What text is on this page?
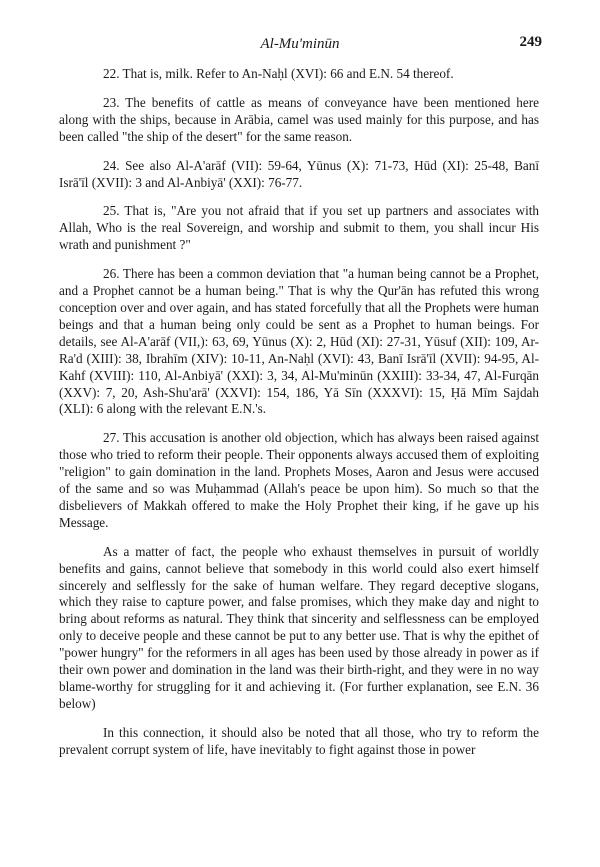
Al-Mu'minūn	249

22. That is, milk. Refer to An-Naḥl (XVI): 66 and E.N. 54 thereof.

23. The benefits of cattle as means of conveyance have been mentioned here along with the ships, because in Arābia, camel was used mainly for this purpose, and has been called "the ship of the desert" for the same reason.

24. See also Al-A'arāf (VII): 59-64, Yūnus (X): 71-73, Hūd (XI): 25-48, Banī Isrā'īl (XVII): 3 and Al-Anbiyā' (XXI): 76-77.

25. That is, "Are you not afraid that if you set up partners and associates with Allah, Who is the real Sovereign, and worship and submit to them, you shall incur His wrath and punishment ?"

26. There has been a common deviation that "a human being cannot be a Prophet, and a Prophet cannot be a human being." That is why the Qur'ān has refuted this wrong conception over and over again, and has stated forcefully that all the Prophets were human beings and that a human being only could be sent as a Prophet to human beings. For details, see Al-A'arāf (VII,): 63, 69, Yūnus (X): 2, Hūd (XI): 27-31, Yūsuf (XII): 109, Ar-Ra'd (XIII): 38, Ibrahīm (XIV): 10-11, An-Naḥl (XVI): 43, Banī Isrā'īl (XVII): 94-95, Al-Kahf (XVIII): 110, Al-Anbiyā' (XXI): 3, 34, Al-Mu'minūn (XXIII): 33-34, 47, Al-Furqān (XXV): 7, 20, Ash-Shu'arā' (XXVI): 154, 186, Yā Sīn (XXXVI): 15, Ḥā Mīm Sajdah (XLI): 6 along with the relevant E.N.'s.

27. This accusation is another old objection, which has always been raised against those who tried to reform their people. Their opponents always accused them of exploiting "religion" to gain domination in the land. Prophets Moses, Aaron and Jesus were accused of the same and so was Muḥammad (Allah's peace be upon him). So much so that the disbelievers of Makkah offered to make the Holy Prophet their king, if he gave up his Message.

As a matter of fact, the people who exhaust themselves in pursuit of worldly benefits and gains, cannot believe that somebody in this world could also exert himself sincerely and selflessly for the sake of human welfare. They regard deceptive slogans, which they raise to capture power, and false promises, which they make day and night to bring about reforms as natural. They think that sincerity and selflessness can be employed only to deceive people and these cannot be put to any better use. That is why the epithet of "power hungry" for the reformers in all ages has been used by those already in power as if their own power and domination in the land was their birth-right, and they were in no way blame-worthy for struggling for it and achieving it. (For further explanation, see E.N. 36 below)

In this connection, it should also be noted that all those, who try to reform the prevalent corrupt system of life, have inevitably to fight against those in power
